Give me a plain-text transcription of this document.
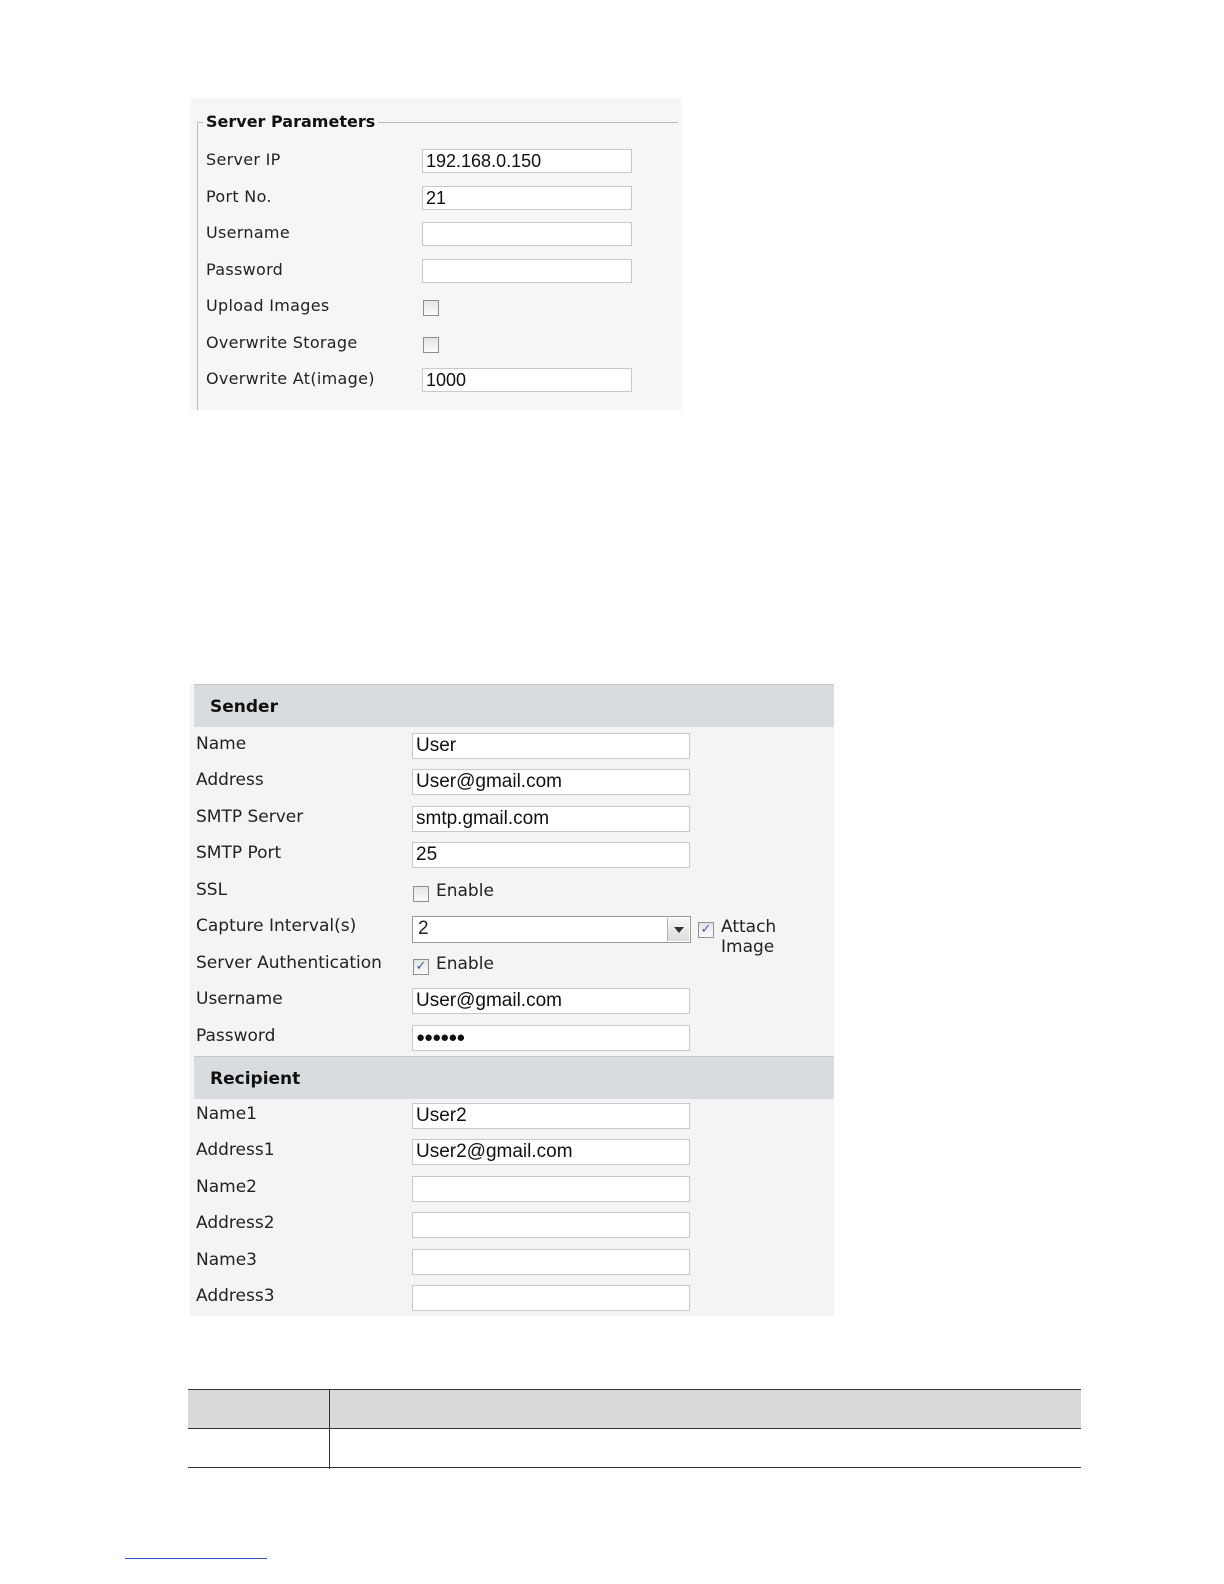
Server Parameters
Server IP	192.168.0.150
Port No.	21
Username
Password
Upload Images
Overwrite Storage
Overwrite At(image)	1000
Sender
Name	User
Address	User@gmail.com
SMTP Server	smtp.gmail.com
SMTP Port	25
SSL	Enable
Capture Interval(s)	2	✓ Attach Image
Server Authentication	✓ Enable
Username	User@gmail.com
Password	●●●●●●
Recipient
Name1	User2
Address1	User2@gmail.com
Name2
Address2
Name3
Address3
